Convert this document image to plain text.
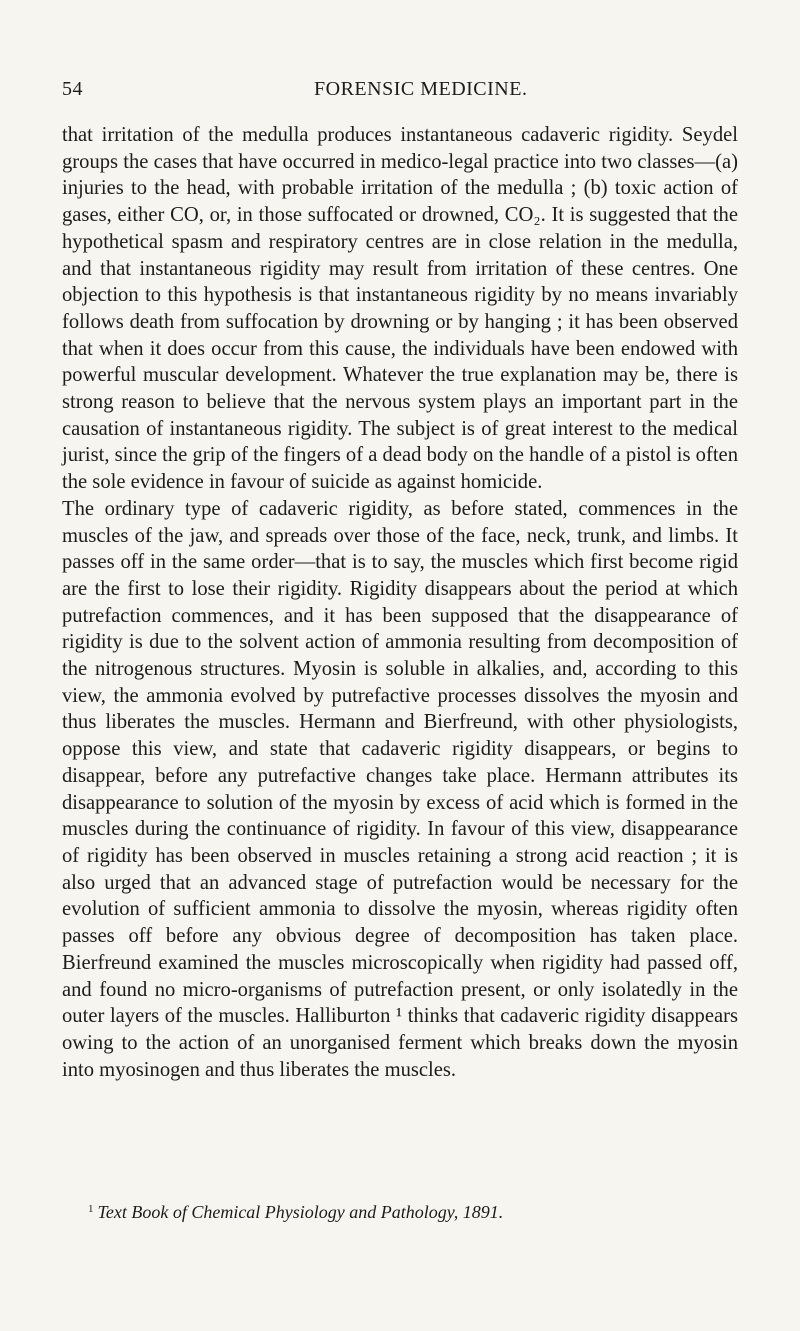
54	FORENSIC MEDICINE.

that irritation of the medulla produces instantaneous cadaveric rigidity. Seydel groups the cases that have occurred in medico-legal practice into two classes—(a) injuries to the head, with probable irritation of the medulla ; (b) toxic action of gases, either CO, or, in those suffocated or drowned, CO₂. It is suggested that the hypothetical spasm and respiratory centres are in close relation in the medulla, and that instantaneous rigidity may result from irritation of these centres. One objection to this hypothesis is that instantaneous rigidity by no means invariably follows death from suffocation by drowning or by hanging ; it has been observed that when it does occur from this cause, the individuals have been endowed with powerful muscular development. Whatever the true explanation may be, there is strong reason to believe that the nervous system plays an important part in the causation of instantaneous rigidity. The subject is of great interest to the medical jurist, since the grip of the fingers of a dead body on the handle of a pistol is often the sole evidence in favour of suicide as against homicide.

The ordinary type of cadaveric rigidity, as before stated, commences in the muscles of the jaw, and spreads over those of the face, neck, trunk, and limbs. It passes off in the same order—that is to say, the muscles which first become rigid are the first to lose their rigidity. Rigidity disappears about the period at which putrefaction commences, and it has been supposed that the disappearance of rigidity is due to the solvent action of ammonia resulting from decomposition of the nitrogenous structures. Myosin is soluble in alkalies, and, according to this view, the ammonia evolved by putrefactive processes dissolves the myosin and thus liberates the muscles. Hermann and Bierfreund, with other physiologists, oppose this view, and state that cadaveric rigidity disappears, or begins to disappear, before any putrefactive changes take place. Hermann attributes its disappearance to solution of the myosin by excess of acid which is formed in the muscles during the continuance of rigidity. In favour of this view, disappearance of rigidity has been observed in muscles retaining a strong acid reaction ; it is also urged that an advanced stage of putrefaction would be necessary for the evolution of sufficient ammonia to dissolve the myosin, whereas rigidity often passes off before any obvious degree of decomposition has taken place. Bierfreund examined the muscles microscopically when rigidity had passed off, and found no micro-organisms of putrefaction present, or only isolatedly in the outer layers of the muscles. Halliburton ¹ thinks that cadaveric rigidity disappears owing to the action of an unorganised ferment which breaks down the myosin into myosinogen and thus liberates the muscles.

$^1$ Text Book of Chemical Physiology and Pathology, 1891.
